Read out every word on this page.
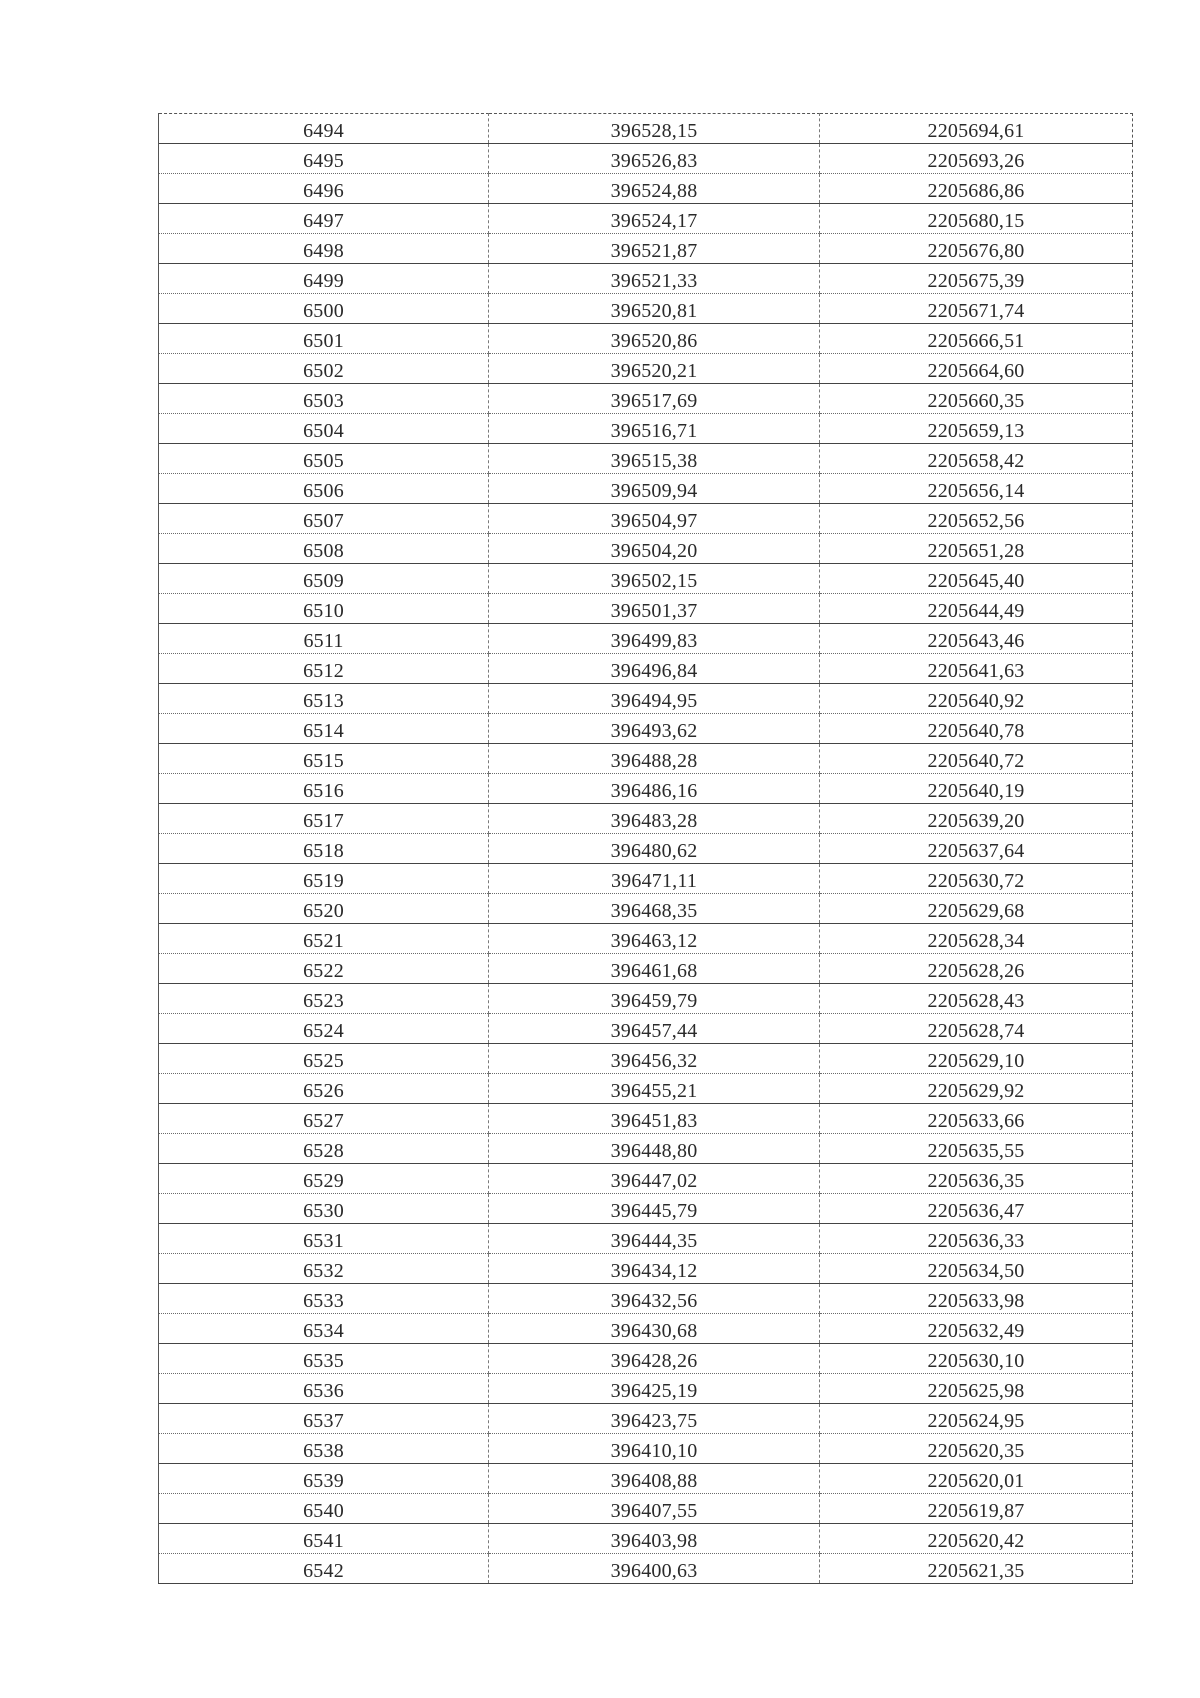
6494	396528,15	2205694,61
6495	396526,83	2205693,26
6496	396524,88	2205686,86
6497	396524,17	2205680,15
6498	396521,87	2205676,80
6499	396521,33	2205675,39
6500	396520,81	2205671,74
6501	396520,86	2205666,51
6502	396520,21	2205664,60
6503	396517,69	2205660,35
6504	396516,71	2205659,13
6505	396515,38	2205658,42
6506	396509,94	2205656,14
6507	396504,97	2205652,56
6508	396504,20	2205651,28
6509	396502,15	2205645,40
6510	396501,37	2205644,49
6511	396499,83	2205643,46
6512	396496,84	2205641,63
6513	396494,95	2205640,92
6514	396493,62	2205640,78
6515	396488,28	2205640,72
6516	396486,16	2205640,19
6517	396483,28	2205639,20
6518	396480,62	2205637,64
6519	396471,11	2205630,72
6520	396468,35	2205629,68
6521	396463,12	2205628,34
6522	396461,68	2205628,26
6523	396459,79	2205628,43
6524	396457,44	2205628,74
6525	396456,32	2205629,10
6526	396455,21	2205629,92
6527	396451,83	2205633,66
6528	396448,80	2205635,55
6529	396447,02	2205636,35
6530	396445,79	2205636,47
6531	396444,35	2205636,33
6532	396434,12	2205634,50
6533	396432,56	2205633,98
6534	396430,68	2205632,49
6535	396428,26	2205630,10
6536	396425,19	2205625,98
6537	396423,75	2205624,95
6538	396410,10	2205620,35
6539	396408,88	2205620,01
6540	396407,55	2205619,87
6541	396403,98	2205620,42
6542	396400,63	2205621,35
